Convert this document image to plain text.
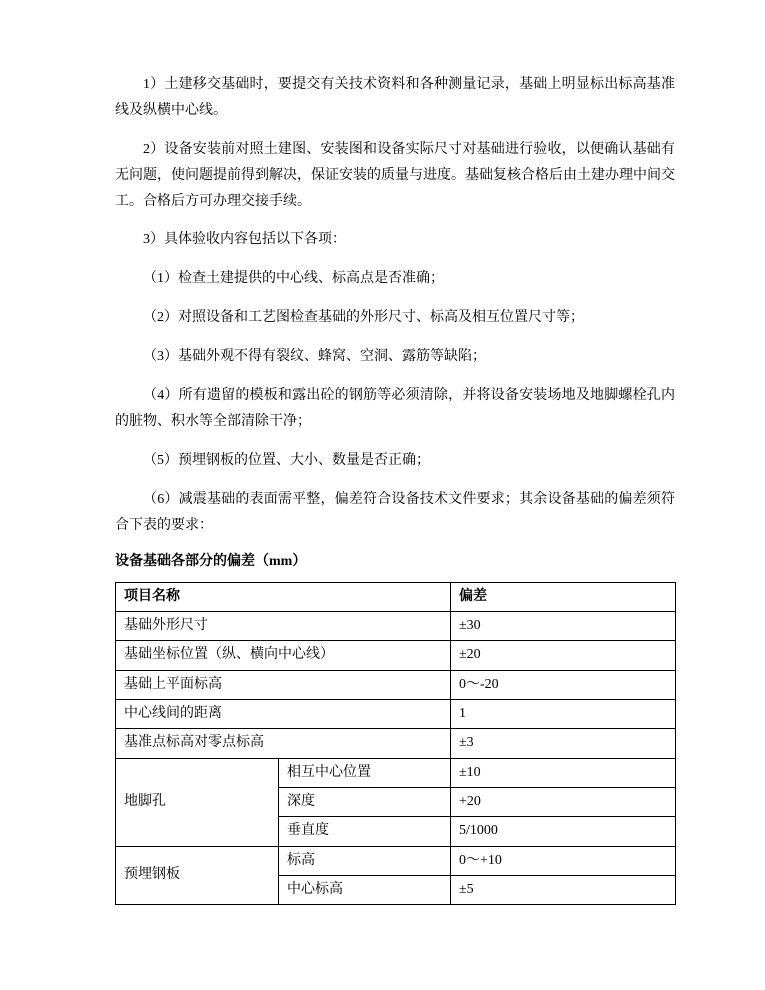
1）土建移交基础时，要提交有关技术资料和各种测量记录，基础上明显标出标高基准线及纵横中心线。

2）设备安装前对照土建图、安装图和设备实际尺寸对基础进行验收，以便确认基础有无问题，使问题提前得到解决，保证安装的质量与进度。基础复核合格后由土建办理中间交工。合格后方可办理交接手续。

3）具体验收内容包括以下各项：

（1）检查土建提供的中心线、标高点是否准确；

（2）对照设备和工艺图检查基础的外形尺寸、标高及相互位置尺寸等；

（3）基础外观不得有裂纹、蜂窝、空洞、露筋等缺陷；

（4）所有遗留的模板和露出砼的钢筋等必须清除，并将设备安装场地及地脚螺栓孔内的脏物、积水等全部清除干净；

（5）预埋钢板的位置、大小、数量是否正确；

（6）减震基础的表面需平整，偏差符合设备技术文件要求；其余设备基础的偏差须符合下表的要求：

设备基础各部分的偏差（mm）

项目名称		偏差
基础外形尺寸		±30
基础坐标位置（纵、横向中心线）		±20
基础上平面标高		0～-20
中心线间的距离		1
基准点标高对零点标高		±3
地脚孔	相互中心位置	±10
	深度	+20
	垂直度	5/1000
预埋钢板	标高	0～+10
	中心标高	±5
